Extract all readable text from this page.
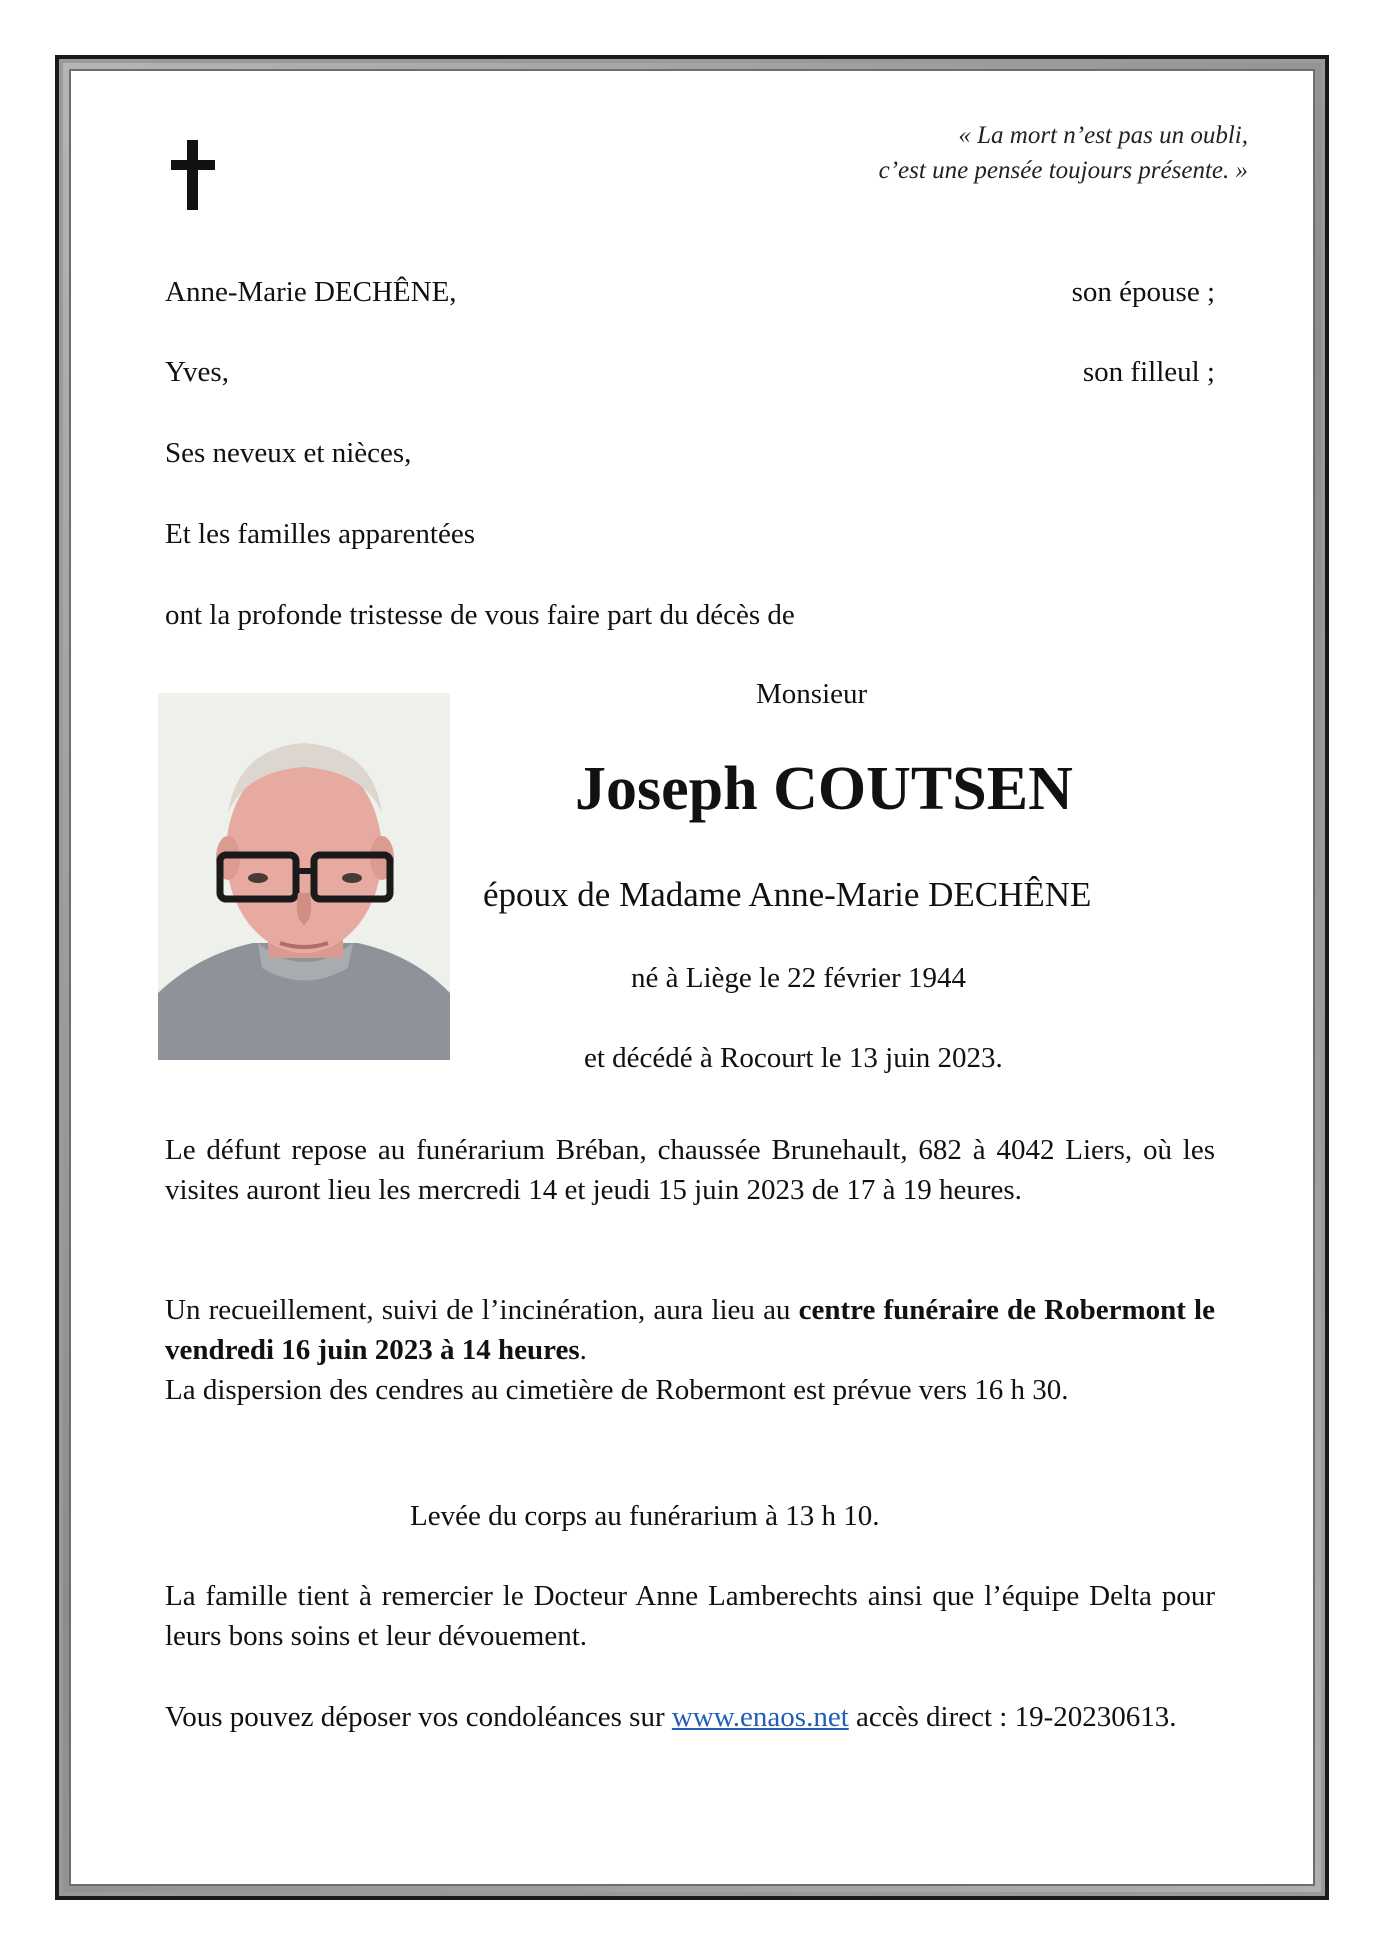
« La mort n’est pas un oubli,
c’est une pensée toujours présente. »
Anne-Marie DECHÊNE,	son épouse ;
Yves,	son filleul ;
Ses neveux et nièces,
Et les familles apparentées
ont la profonde tristesse de vous faire part du décès de
Monsieur
Joseph COUTSEN
époux de Madame Anne-Marie DECHÊNE
né à Liège le 22 février 1944
et décédé à Rocourt le 13 juin 2023.
Le défunt repose au funérarium Bréban, chaussée Brunehault, 682 à 4042 Liers, où les visites auront lieu les mercredi 14 et jeudi 15 juin 2023 de 17 à 19 heures.
Un recueillement, suivi de l’incinération, aura lieu au centre funéraire de Robermont le vendredi 16 juin 2023 à 14 heures.
La dispersion des cendres au cimetière de Robermont est prévue vers 16 h 30.
Levée du corps au funérarium à 13 h 10.
La famille tient à remercier le Docteur Anne Lamberechts ainsi que l’équipe Delta pour leurs bons soins et leur dévouement.
Vous pouvez déposer vos condoléances sur www.enaos.net accès direct : 19-20230613.
